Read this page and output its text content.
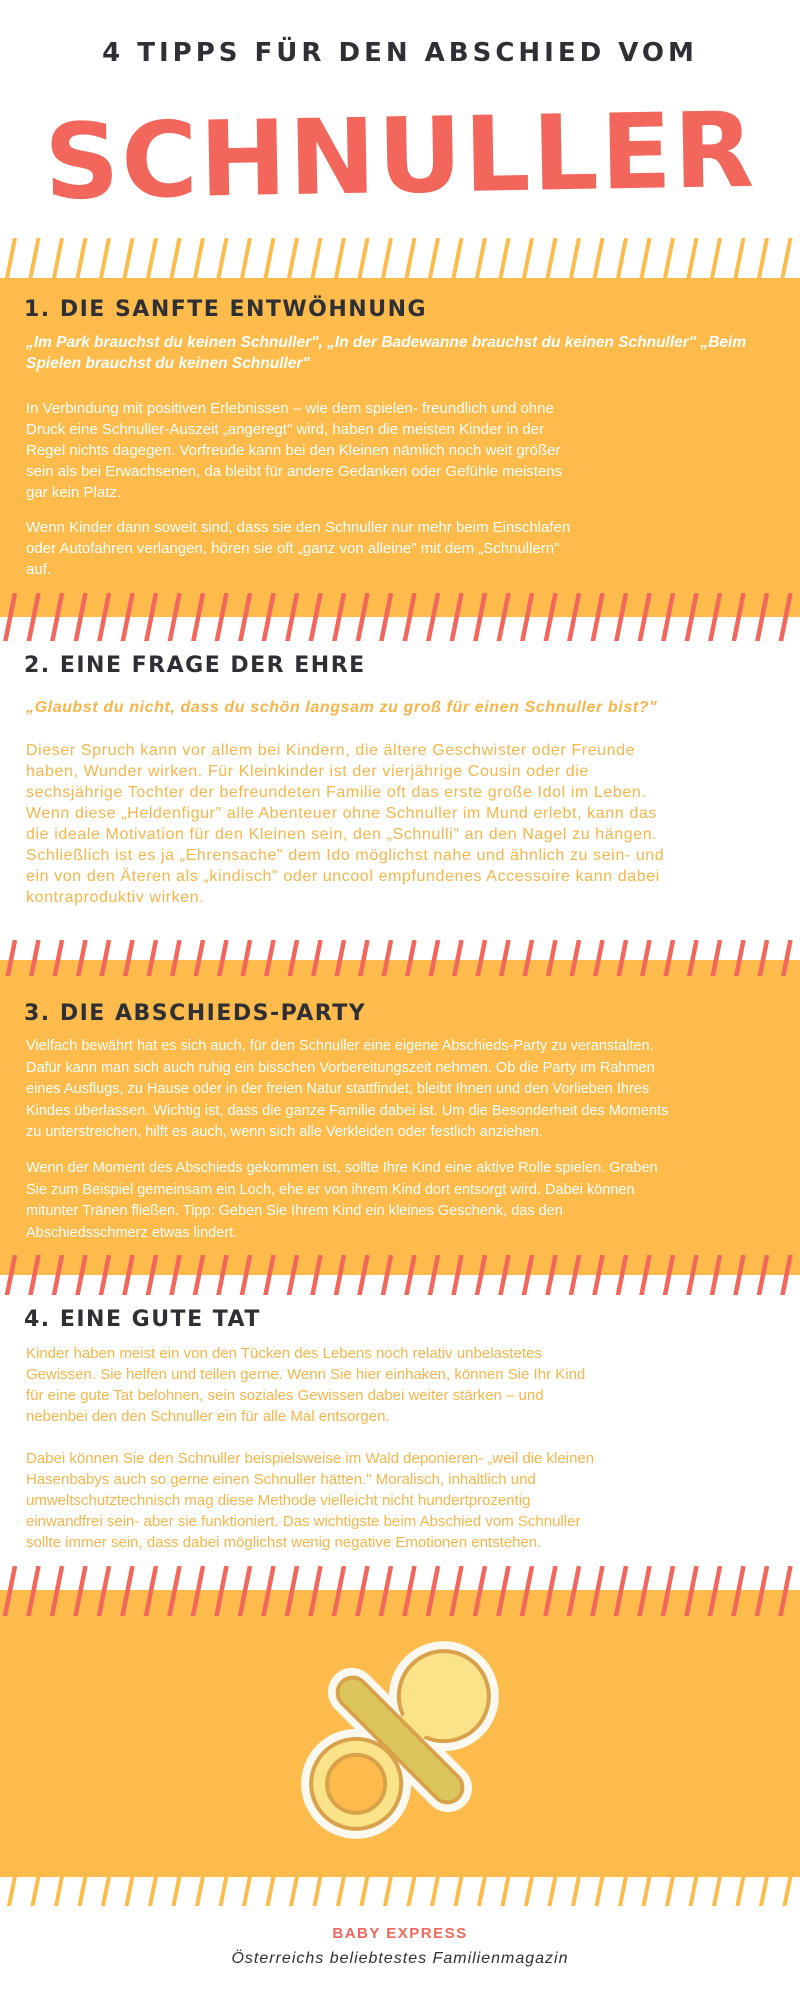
4 TIPPS FÜR DEN ABSCHIED VOM
SCHNULLER
1. DIE SANFTE ENTWÖHNUNG
„Im Park brauchst du keinen Schnuller", „In der Badewanne brauchst du keinen Schnuller" „Beim Spielen brauchst du keinen Schnuller"
In Verbindung mit positiven Erlebnissen – wie dem spielen- freundlich und ohne
Druck eine Schnuller-Auszeit „angeregt" wird, haben die meisten Kinder in der
Regel nichts dagegen. Vorfreude kann bei den Kleinen nämlich noch weit größer
sein als bei Erwachsenen, da bleibt für andere Gedanken oder Gefühle meistens
gar kein Platz.
Wenn Kinder dann soweit sind, dass sie den Schnuller nur mehr beim Einschlafen
oder Autofahren verlangen, hören sie oft „ganz von alleine" mit dem „Schnullern"
auf.
2. EINE FRAGE DER EHRE
„Glaubst du nicht, dass du schön langsam zu groß für einen Schnuller bist?"
Dieser Spruch kann vor allem bei Kindern, die ältere Geschwister oder Freunde
haben, Wunder wirken. Für Kleinkinder ist der vierjährige Cousin oder die
sechsjährige Tochter der befreundeten Familie oft das erste große Idol im Leben.
Wenn diese „Heldenfigur" alle Abenteuer ohne Schnuller im Mund erlebt, kann das
die ideale Motivation für den Kleinen sein, den „Schnulli" an den Nagel zu hängen.
Schließlich ist es ja „Ehrensache" dem Ido möglichst nahe und ähnlich zu sein- und
ein von den Äteren als „kindisch" oder uncool empfundenes Accessoire kann dabei
kontraproduktiv wirken.
3. DIE ABSCHIEDS-PARTY
Vielfach bewährt hat es sich auch, für den Schnuller eine eigene Abschieds-Party zu veranstalten.
Dafür kann man sich auch ruhig ein bisschen Vorbereitungszeit nehmen. Ob die Party im Rahmen
eines Ausflugs, zu Hause oder in der freien Natur stattfindet, bleibt Ihnen und den Vorlieben Ihres
Kindes überlassen. Wichtig ist, dass die ganze Familie dabei ist. Um die Besonderheit des Moments
zu unterstreichen, hilft es auch, wenn sich alle Verkleiden oder festlich anziehen.
Wenn der Moment des Abschieds gekommen ist, sollte Ihre Kind eine aktive Rolle spielen. Graben
Sie zum Beispiel gemeinsam ein Loch, ehe er von ihrem Kind dort entsorgt wird. Dabei können
mitunter Tränen fließen. Tipp: Geben Sie Ihrem Kind ein kleines Geschenk, das den
Abschiedsschmerz etwas lindert.
4. EINE GUTE TAT
Kinder haben meist ein von den Tücken des Lebens noch relativ unbelastetes
Gewissen. Sie helfen und teilen gerne. Wenn Sie hier einhaken, können Sie Ihr Kind
für eine gute Tat belohnen, sein soziales Gewissen dabei weiter stärken – und
nebenbei den den Schnuller ein für alle Mal entsorgen.
Dabei können Sie den Schnuller beispielsweise im Wald deponieren- „weil die kleinen
Hasenbabys auch so gerne einen Schnuller hätten." Moralisch, inhaltlich und
umweltschutztechnisch mag diese Methode vielleicht nicht hundertprozentig
einwandfrei sein- aber sie funktioniert. Das wichtigste beim Abschied vom Schnuller
sollte immer sein, dass dabei möglichst wenig negative Emotionen entstehen.
BABY EXPRESS
Österreichs beliebtestes Familienmagazin
